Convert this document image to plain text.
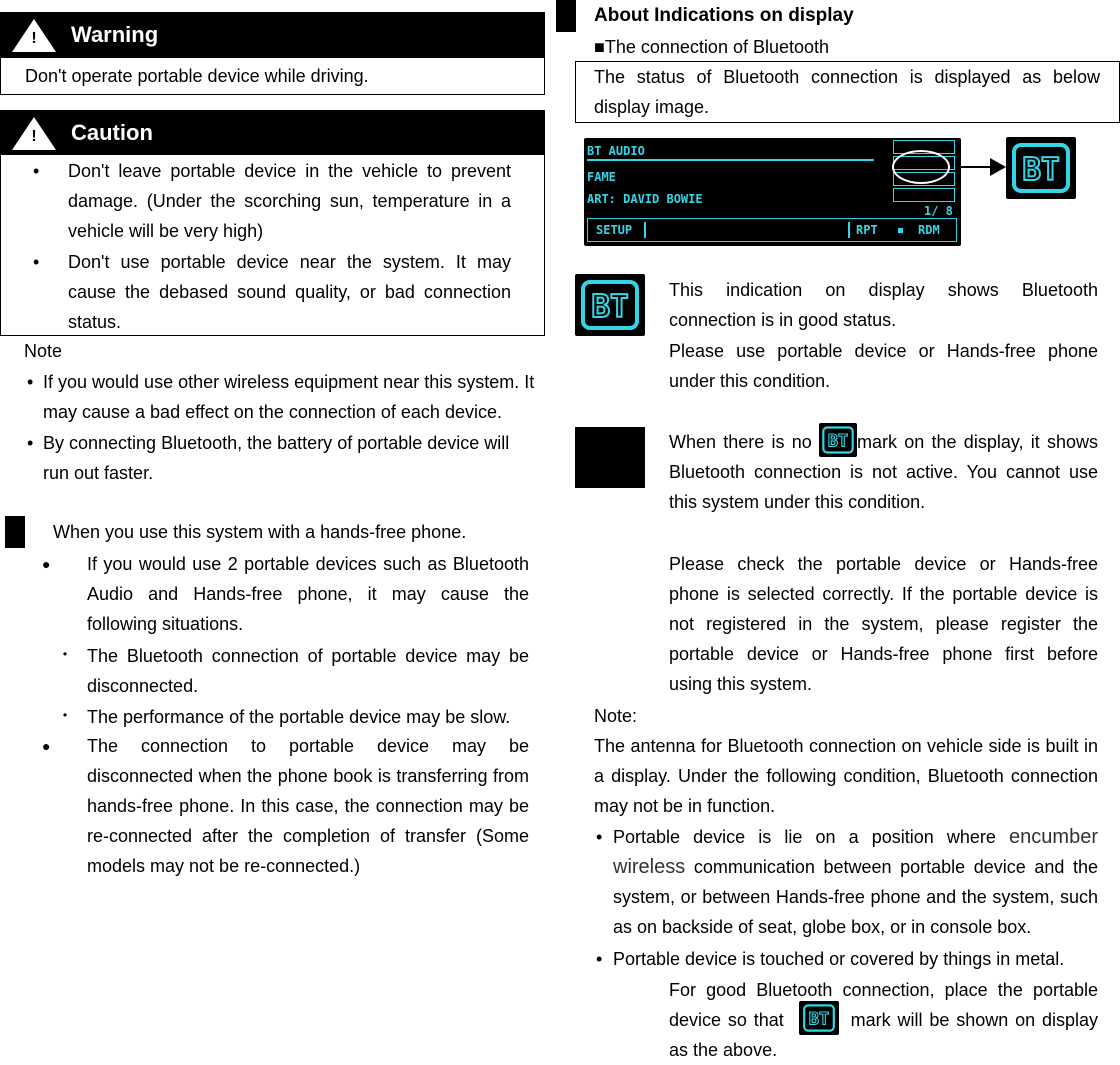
! Warning
Don't operate portable device while driving.
! Caution
• Don't leave portable device in the vehicle to prevent damage. (Under the scorching sun, temperature in a vehicle will be very high)
• Don't use portable device near the system. It may cause the debased sound quality, or bad connection status.
Note
• If you would use other wireless equipment near this system. It may cause a bad effect on the connection of each device.
• By connecting Bluetooth, the battery of portable device will run out faster.
When you use this system with a hands-free phone.
● If you would use 2 portable devices such as Bluetooth Audio and Hands-free phone, it may cause the following situations.
・ The Bluetooth connection of portable device may be disconnected.
・ The performance of the portable device may be slow.
● The connection to portable device may be disconnected when the phone book is transferring from hands-free phone. In this case, the connection may be re-connected after the completion of transfer (Some models may not be re-connected.)
About Indications on display
■The connection of Bluetooth
The status of Bluetooth connection is displayed as below display image.
BT AUDIO
FAME
ART: DAVID BOWIE
1/ 8
SETUP	RPT	RDM
BT
BT This indication on display shows Bluetooth connection is in good status.
Please use portable device or Hands-free phone under this condition.
When there is no BT mark on the display, it shows Bluetooth connection is not active. You cannot use this system under this condition.
Please check the portable device or Hands-free phone is selected correctly. If the portable device is not registered in the system, please register the portable device or Hands-free phone first before using this system.
Note:
The antenna for Bluetooth connection on vehicle side is built in a display. Under the following condition, Bluetooth connection may not be in function.
• Portable device is lie on a position where encumber wireless communication between portable device and the system, or between Hands-free phone and the system, such as on backside of seat, globe box, or in console box.
• Portable device is touched or covered by things in metal.
For good Bluetooth connection, place the portable device so that BT mark will be shown on display as the above.
